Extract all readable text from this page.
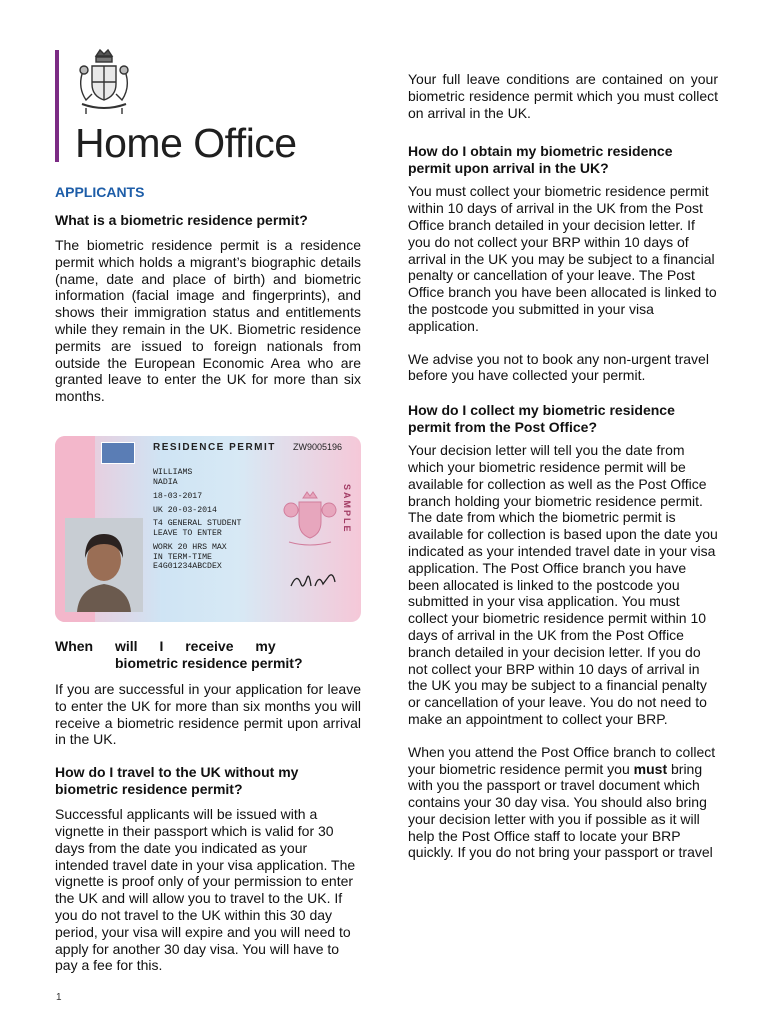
Home Office
APPLICANTS
What is a biometric residence permit?

The biometric residence permit is a residence permit which holds a migrant’s biographic details (name, date and place of birth) and biometric information (facial image and fingerprints), and shows their immigration status and entitlements while they remain in the UK. Biometric residence permits are issued to foreign nationals from outside the European Economic Area who are granted leave to enter the UK for more than six months.

RESIDENCE PERMIT ZW9005196
WILLIAMS
NADIA
18-03-2017
UK 20-03-2014
T4 GENERAL STUDENT
LEAVE TO ENTER
WORK 20 HRS MAX
IN TERM-TIME
E4G01234ABCDEX
SAMPLE
When will I receive my
biometric residence permit?

If you are successful in your application for leave to enter the UK for more than six months you will receive a biometric residence permit upon arrival in the UK.

How do I travel to the UK without my biometric residence permit?

Successful applicants will be issued with a vignette in their passport which is valid for 30 days from the date you indicated as your intended travel date in your visa application. The vignette is proof only of your permission to enter the UK and will allow you to travel to the UK. If you do not travel to the UK within this 30 day period, your visa will expire and you will need to apply for another 30 day visa. You will have to pay a fee for this.

Your full leave conditions are contained on your biometric residence permit which you must collect on arrival in the UK.

How do I obtain my biometric residence permit upon arrival in the UK?

You must collect your biometric residence permit within 10 days of arrival in the UK from the Post Office branch detailed in your decision letter. If you do not collect your BRP within 10 days of arrival in the UK you may be subject to a financial penalty or cancellation of your leave. The Post Office branch you have been allocated is linked to the postcode you submitted in your visa application.

We advise you not to book any non-urgent travel before you have collected your permit.

How do I collect my biometric residence permit from the Post Office?

Your decision letter will tell you the date from which your biometric residence permit will be available for collection as well as the Post Office branch holding your biometric residence permit. The date from which the biometric permit is available for collection is based upon the date you indicated as your intended travel date in your visa application. The Post Office branch you have been allocated is linked to the postcode you submitted in your visa application. You must collect your biometric residence permit within 10 days of arrival in the UK from the Post Office branch detailed in your decision letter. If you do not collect your BRP within 10 days of arrival in the UK you may be subject to a financial penalty or cancellation of your leave. You do not need to make an appointment to collect your BRP.

When you attend the Post Office branch to collect your biometric residence permit you must bring with you the passport or travel document which contains your 30 day visa. You should also bring your decision letter with you if possible as it will help the Post Office staff to locate your BRP quickly. If you do not bring your passport or travel

1
